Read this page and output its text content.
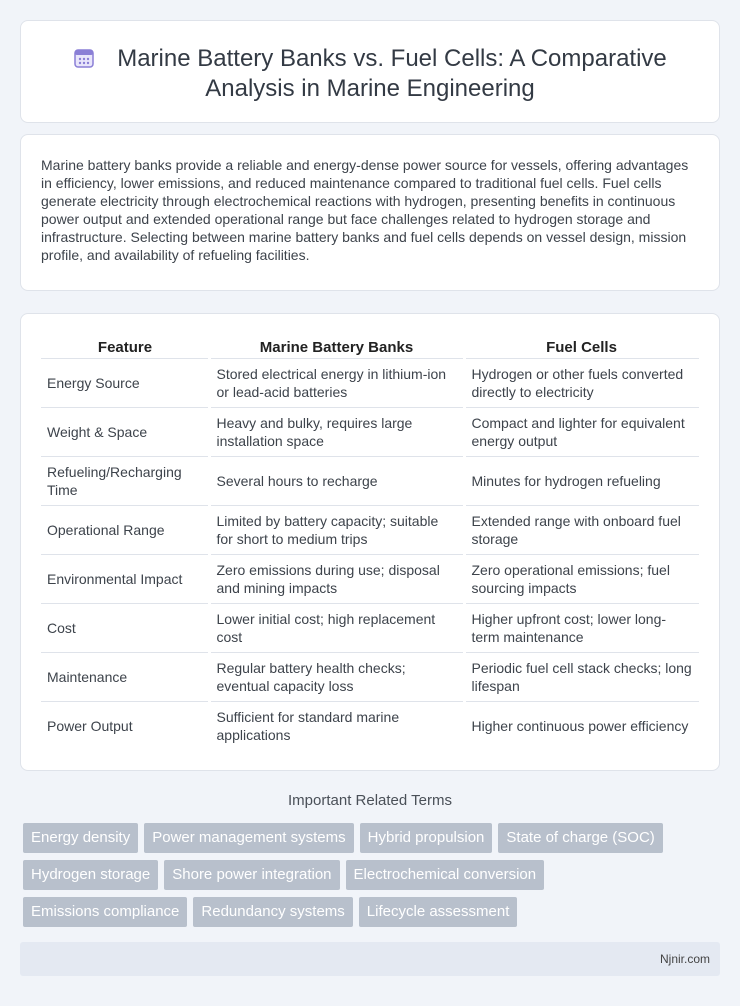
Marine Battery Banks vs. Fuel Cells: A Comparative
Analysis in Marine Engineering

Marine battery banks provide a reliable and energy-dense power source for vessels, offering advantages in efficiency, lower emissions, and reduced maintenance compared to traditional fuel cells. Fuel cells generate electricity through electrochemical reactions with hydrogen, presenting benefits in continuous power output and extended operational range but face challenges related to hydrogen storage and infrastructure. Selecting between marine battery banks and fuel cells depends on vessel design, mission profile, and availability of refueling facilities.

Feature	Marine Battery Banks	Fuel Cells
Energy Source	Stored electrical energy in lithium-ion or lead-acid batteries	Hydrogen or other fuels converted directly to electricity
Weight & Space	Heavy and bulky, requires large installation space	Compact and lighter for equivalent energy output
Refueling/Recharging Time	Several hours to recharge	Minutes for hydrogen refueling
Operational Range	Limited by battery capacity; suitable for short to medium trips	Extended range with onboard fuel storage
Environmental Impact	Zero emissions during use; disposal and mining impacts	Zero operational emissions; fuel sourcing impacts
Cost	Lower initial cost; high replacement cost	Higher upfront cost; lower long-term maintenance
Maintenance	Regular battery health checks; eventual capacity loss	Periodic fuel cell stack checks; long lifespan
Power Output	Sufficient for standard marine applications	Higher continuous power efficiency
Important Related Terms
Energy density	Power management systems	Hybrid propulsion	State of charge (SOC)
Hydrogen storage	Shore power integration	Electrochemical conversion
Emissions compliance	Redundancy systems	Lifecycle assessment
Njnir.com
